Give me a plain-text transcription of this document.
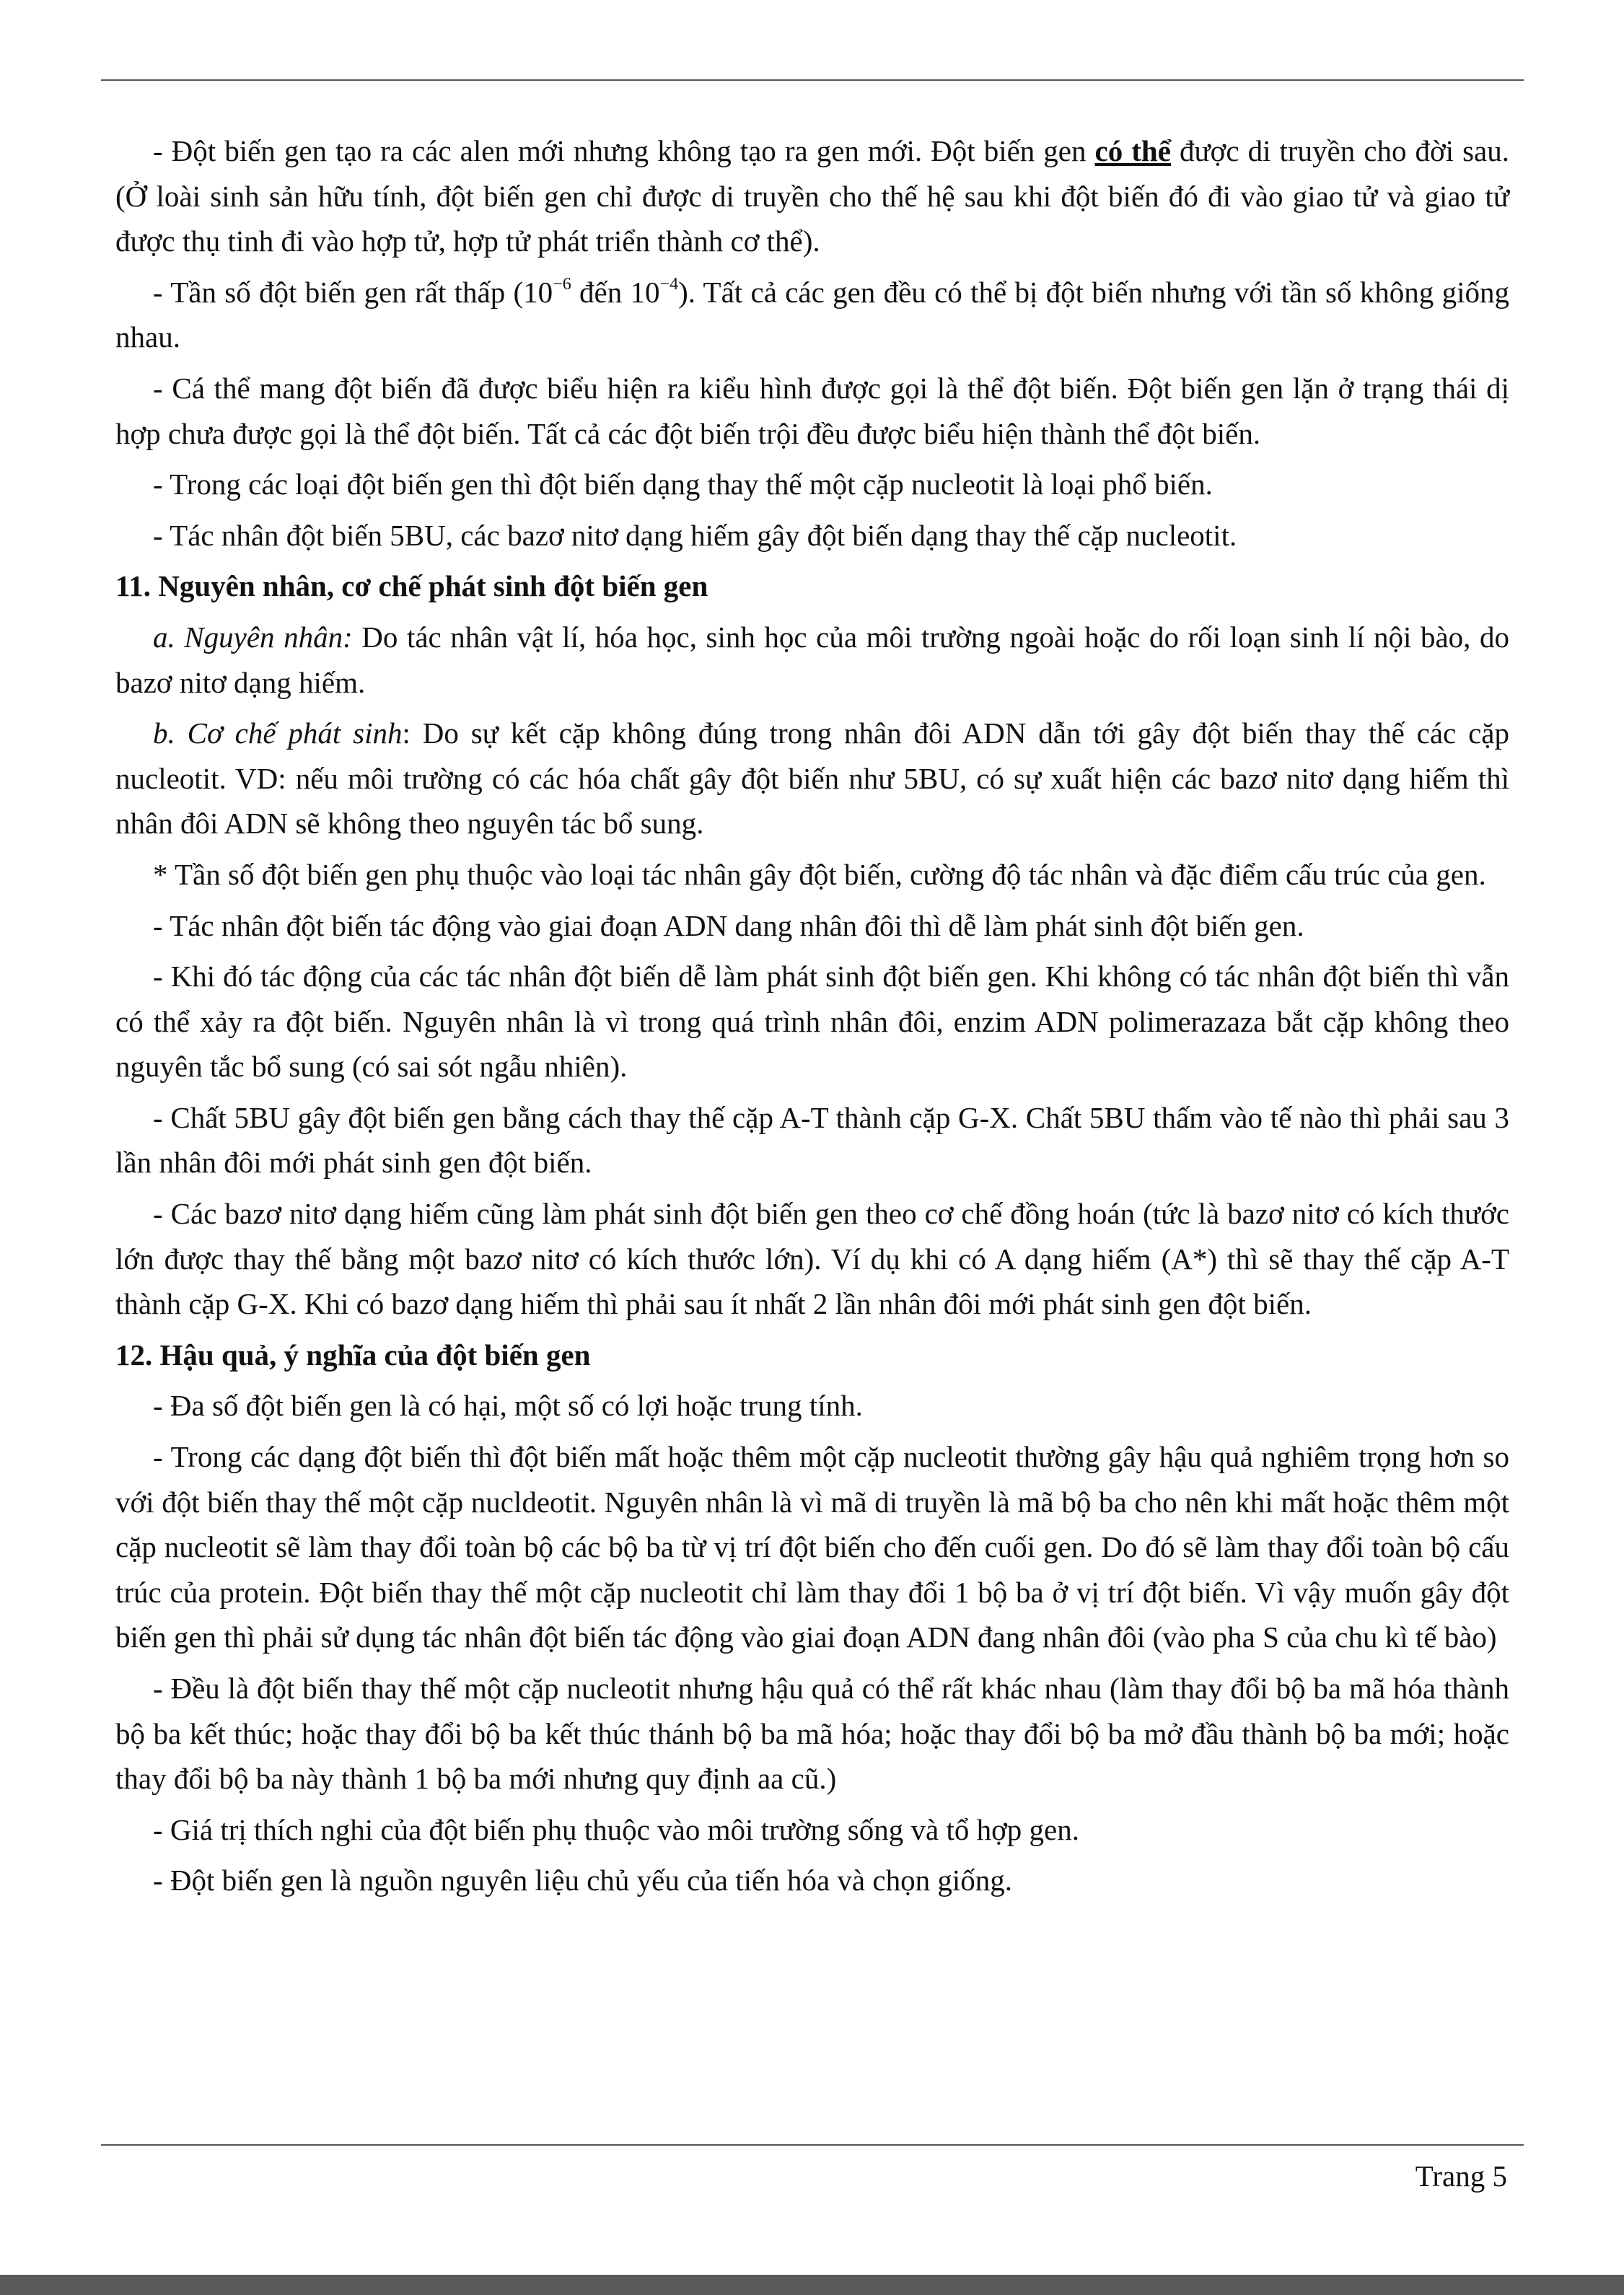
- Đột biến gen tạo ra các alen mới nhưng không tạo ra gen mới. Đột biến gen có thể được di truyền cho đời sau. (Ở loài sinh sản hữu tính, đột biến gen chỉ được di truyền cho thế hệ sau khi đột biến đó đi vào giao tử và giao tử được thụ tinh đi vào hợp tử, hợp tử phát triển thành cơ thể).

- Tần số đột biến gen rất thấp ($10^{-6}$ đến $10^{-4}$). Tất cả các gen đều có thể bị đột biến nhưng với tần số không giống nhau.

- Cá thể mang đột biến đã được biểu hiện ra kiểu hình được gọi là thể đột biến. Đột biến gen lặn ở trạng thái dị hợp chưa được gọi là thể đột biến. Tất cả các đột biến trội đều được biểu hiện thành thể đột biến.

- Trong các loại đột biến gen thì đột biến dạng thay thế một cặp nucleotit là loại phổ biến.

- Tác nhân đột biến 5BU, các bazơ nitơ dạng hiếm gây đột biến dạng thay thế cặp nucleotit.

11. Nguyên nhân, cơ chế phát sinh đột biến gen

a. Nguyên nhân: Do tác nhân vật lí, hóa học, sinh học của môi trường ngoài hoặc do rối loạn sinh lí nội bào, do bazơ nitơ dạng hiếm.

b. Cơ chế phát sinh: Do sự kết cặp không đúng trong nhân đôi ADN dẫn tới gây đột biến thay thế các cặp nucleotit. VD: nếu môi trường có các hóa chất gây đột biến như 5BU, có sự xuất hiện các bazơ nitơ dạng hiếm thì nhân đôi ADN sẽ không theo nguyên tác bổ sung.

* Tần số đột biến gen phụ thuộc vào loại tác nhân gây đột biến, cường độ tác nhân và đặc điểm cấu trúc của gen.

- Tác nhân đột biến tác động vào giai đoạn ADN dang nhân đôi thì dễ làm phát sinh đột biến gen.

- Khi đó tác động của các tác nhân đột biến dễ làm phát sinh đột biến gen. Khi không có tác nhân đột biến thì vẫn có thể xảy ra đột biến. Nguyên nhân là vì trong quá trình nhân đôi, enzim ADN polimerazaza bắt cặp không theo nguyên tắc bổ sung (có sai sót ngẫu nhiên).

- Chất 5BU gây đột biến gen bằng cách thay thế cặp A-T thành cặp G-X. Chất 5BU thấm vào tế nào thì phải sau 3 lần nhân đôi mới phát sinh gen đột biến.

- Các bazơ nitơ dạng hiếm cũng làm phát sinh đột biến gen theo cơ chế đồng hoán (tức là bazơ nitơ có kích thước lớn được thay thế bằng một bazơ nitơ có kích thước lớn). Ví dụ khi có A dạng hiếm (A*) thì sẽ thay thế cặp A-T thành cặp G-X. Khi có bazơ dạng hiếm thì phải sau ít nhất 2 lần nhân đôi mới phát sinh gen đột biến.

12. Hậu quả, ý nghĩa của đột biến gen

- Đa số đột biến gen là có hại, một số có lợi hoặc trung tính.

- Trong các dạng đột biến thì đột biến mất hoặc thêm một cặp nucleotit thường gây hậu quả nghiêm trọng hơn so với đột biến thay thế một cặp nucldeotit. Nguyên nhân là vì mã di truyền là mã bộ ba cho nên khi mất hoặc thêm một cặp nucleotit sẽ làm thay đổi toàn bộ các bộ ba từ vị trí đột biến cho đến cuối gen. Do đó sẽ làm thay đổi toàn bộ cấu trúc của protein. Đột biến thay thế một cặp nucleotit chỉ làm thay đổi 1 bộ ba ở vị trí đột biến. Vì vậy muốn gây đột biến gen thì phải sử dụng tác nhân đột biến tác động vào giai đoạn ADN đang nhân đôi (vào pha S của chu kì tế bào)

- Đều là đột biến thay thế một cặp nucleotit nhưng hậu quả có thể rất khác nhau (làm thay đổi bộ ba mã hóa thành bộ ba kết thúc; hoặc thay đổi bộ ba kết thúc thánh bộ ba mã hóa; hoặc thay đổi bộ ba mở đầu thành bộ ba mới; hoặc thay đổi bộ ba này thành 1 bộ ba mới nhưng quy định aa cũ.)

- Giá trị thích nghi của đột biến phụ thuộc vào môi trường sống và tổ hợp gen.

- Đột biến gen là nguồn nguyên liệu chủ yếu của tiến hóa và chọn giống.

Trang 5
